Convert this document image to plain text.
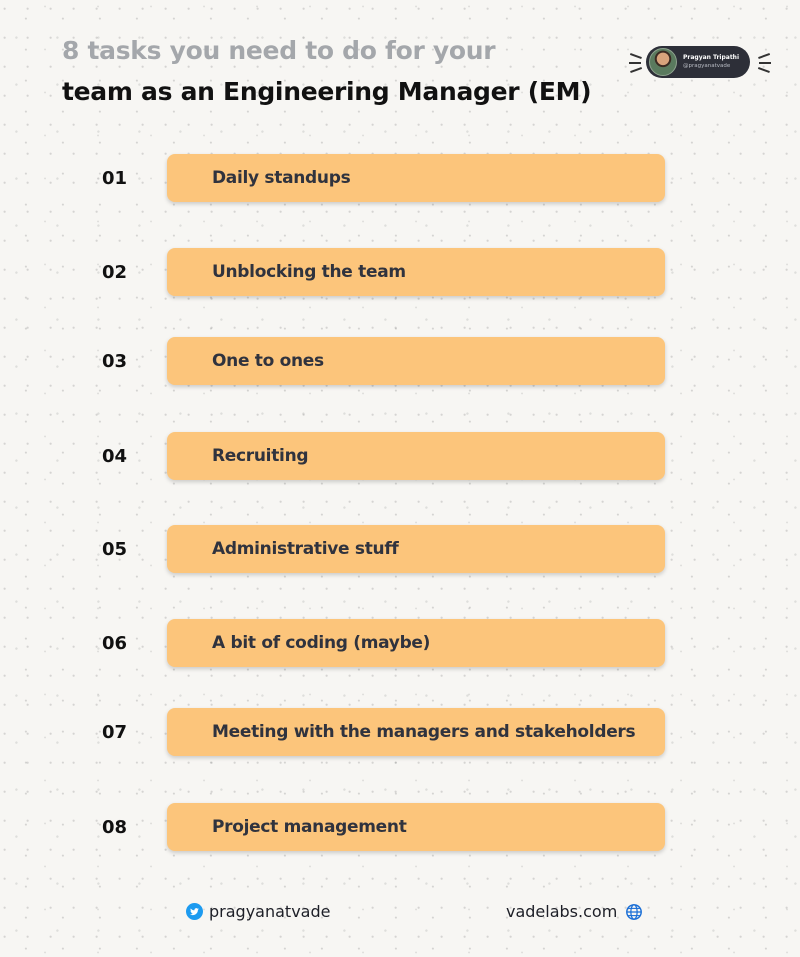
8 tasks you need to do for your
team as an Engineering Manager (EM)
Pragyan Tripathi
@pragyanatvade
01	Daily standups
02	Unblocking the team
03	One to ones
04	Recruiting
05	Administrative stuff
06	A bit of coding (maybe)
07	Meeting with the managers and stakeholders
08	Project management
pragyanatvade	vadelabs.com
